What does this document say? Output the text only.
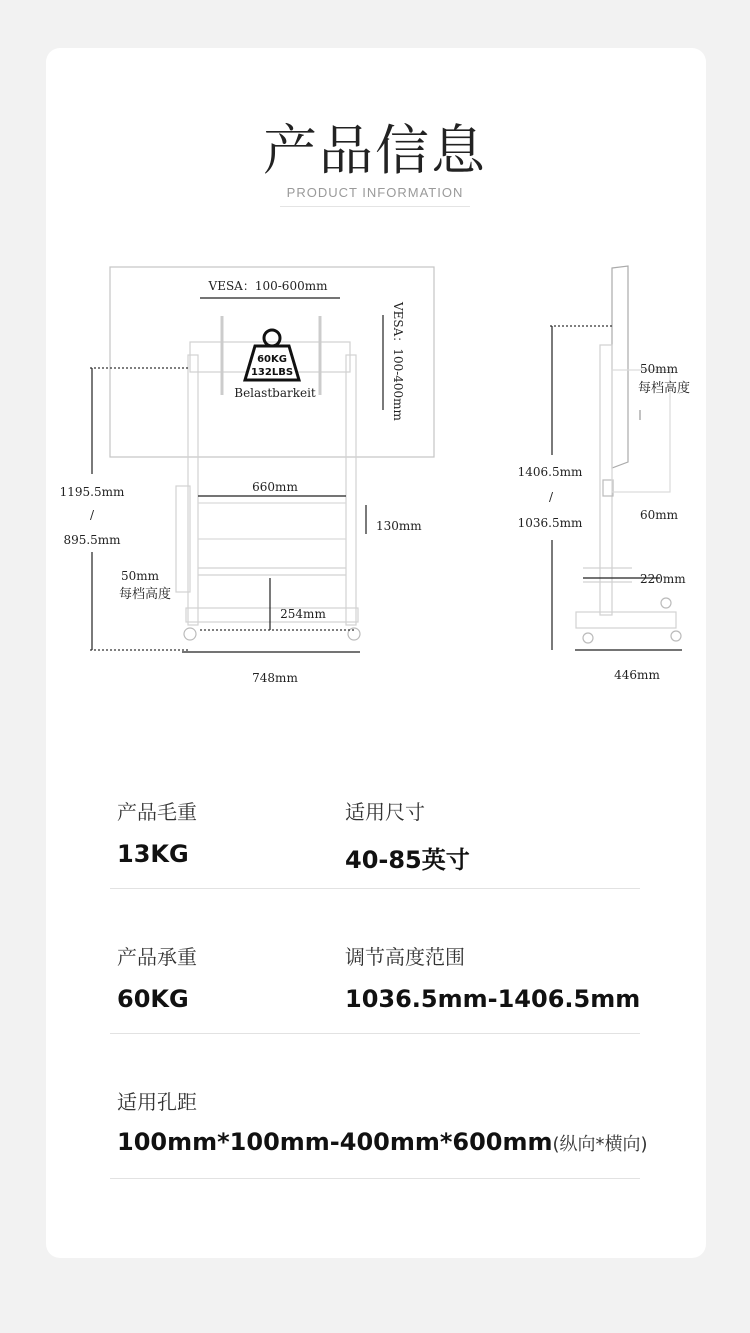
产品信息
PRODUCT INFORMATION
60KG
132LBS
Belastbarkeit
VESA：100-600mm
VESA：100-400mm
1195.5mm
/
895.5mm
50mm
每档高度
660mm
130mm
254mm
748mm
50mm
每档高度
1406.5mm
/
1036.5mm
60mm
220mm
446mm
产品毛重
13KG
适用尺寸
40-85英寸
产品承重
60KG
调节高度范围
1036.5mm-1406.5mm
适用孔距
100mm*100mm-400mm*600mm(纵向*横向)
